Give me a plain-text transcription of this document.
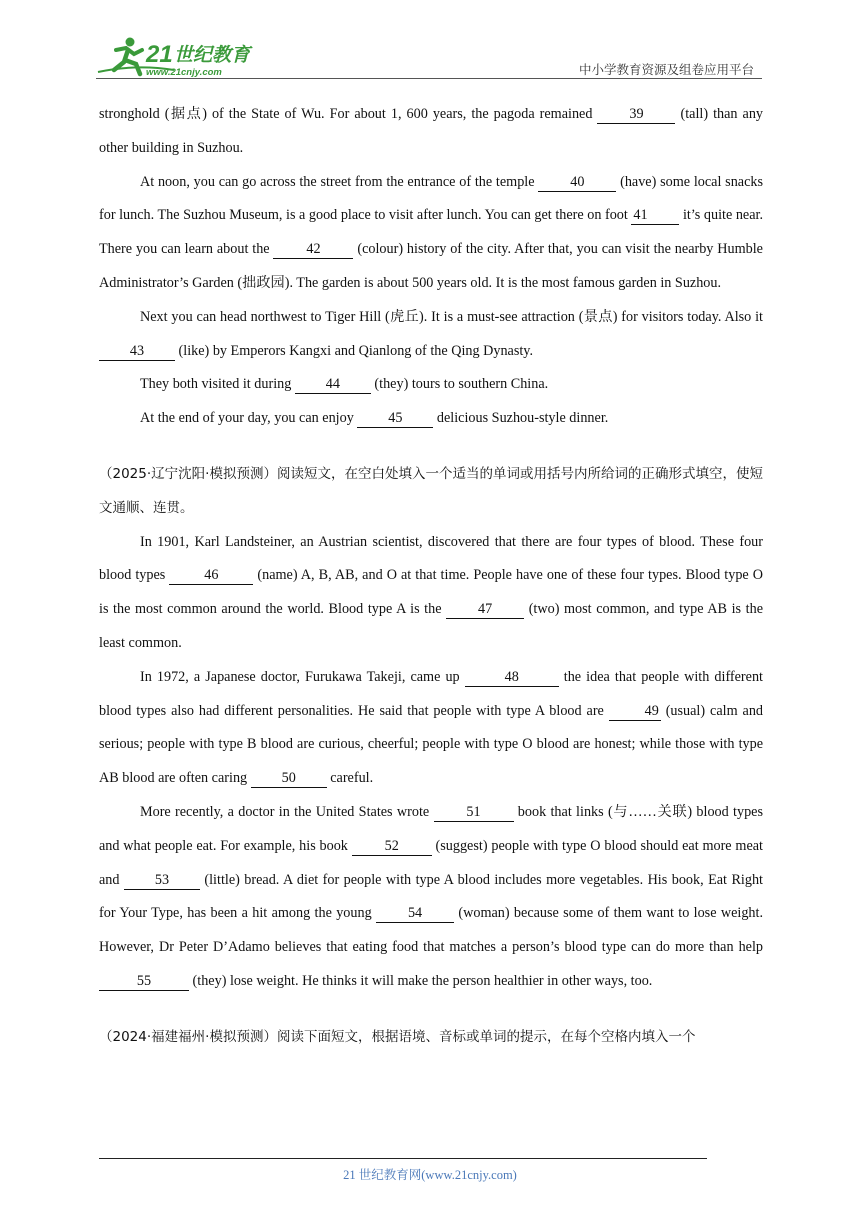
21 世纪教育
www.21cnjy.com	中小学教育资源及组卷应用平台

stronghold (据点) of the State of Wu. For about 1, 600 years, the pagoda remained 39 (tall) than any other building in Suzhou.

At noon, you can go across the street from the entrance of the temple 40 (have) some local snacks for lunch. The Suzhou Museum, is a good place to visit after lunch. You can get there on foot 41 it’s quite near. There you can learn about the 42 (colour) history of the city. After that, you can visit the nearby Humble Administrator’s Garden (拙政园). The garden is about 500 years old. It is the most famous garden in Suzhou.

Next you can head northwest to Tiger Hill (虎丘). It is a must-see attraction (景点) for visitors today. Also it 43 (like) by Emperors Kangxi and Qianlong of the Qing Dynasty.

They both visited it during 44 (they) tours to southern China.

At the end of your day, you can enjoy 45 delicious Suzhou-style dinner.

（2025·辽宁沈阳·模拟预测）阅读短文，在空白处填入一个适当的单词或用括号内所给词的正确形式填空，使短文通顺、连贯。

In 1901, Karl Landsteiner, an Austrian scientist, discovered that there are four types of blood. These four blood types 46 (name) A, B, AB, and O at that time. People have one of these four types. Blood type O is the most common around the world. Blood type A is the 47 (two) most common, and type AB is the least common.

In 1972, a Japanese doctor, Furukawa Takeji, came up	48	the idea that people with different blood types also had different personalities. He said that people with type A blood are	49 (usual) calm and serious; people with type B blood are curious, cheerful; people with type O blood are honest; while those with type AB blood are often caring 50 careful.

More recently, a doctor in the United States wrote 51 book that links (与……关联) blood types and what people eat. For example, his book 52 (suggest) people with type O blood should eat more meat and 53 (little) bread. A diet for people with type A blood includes more vegetables. His book, Eat Right for Your Type, has been a hit among the young 54 (woman) because some of them want to lose weight. However, Dr Peter D’Adamo believes that eating food that matches a person’s blood type can do more than help 55	(they) lose weight. He thinks it will make the person healthier in other ways, too.

（2024·福建福州·模拟预测）阅读下面短文，根据语境、音标或单词的提示，在每个空格内填入一个

21 世纪教育网(www.21cnjy.com)
